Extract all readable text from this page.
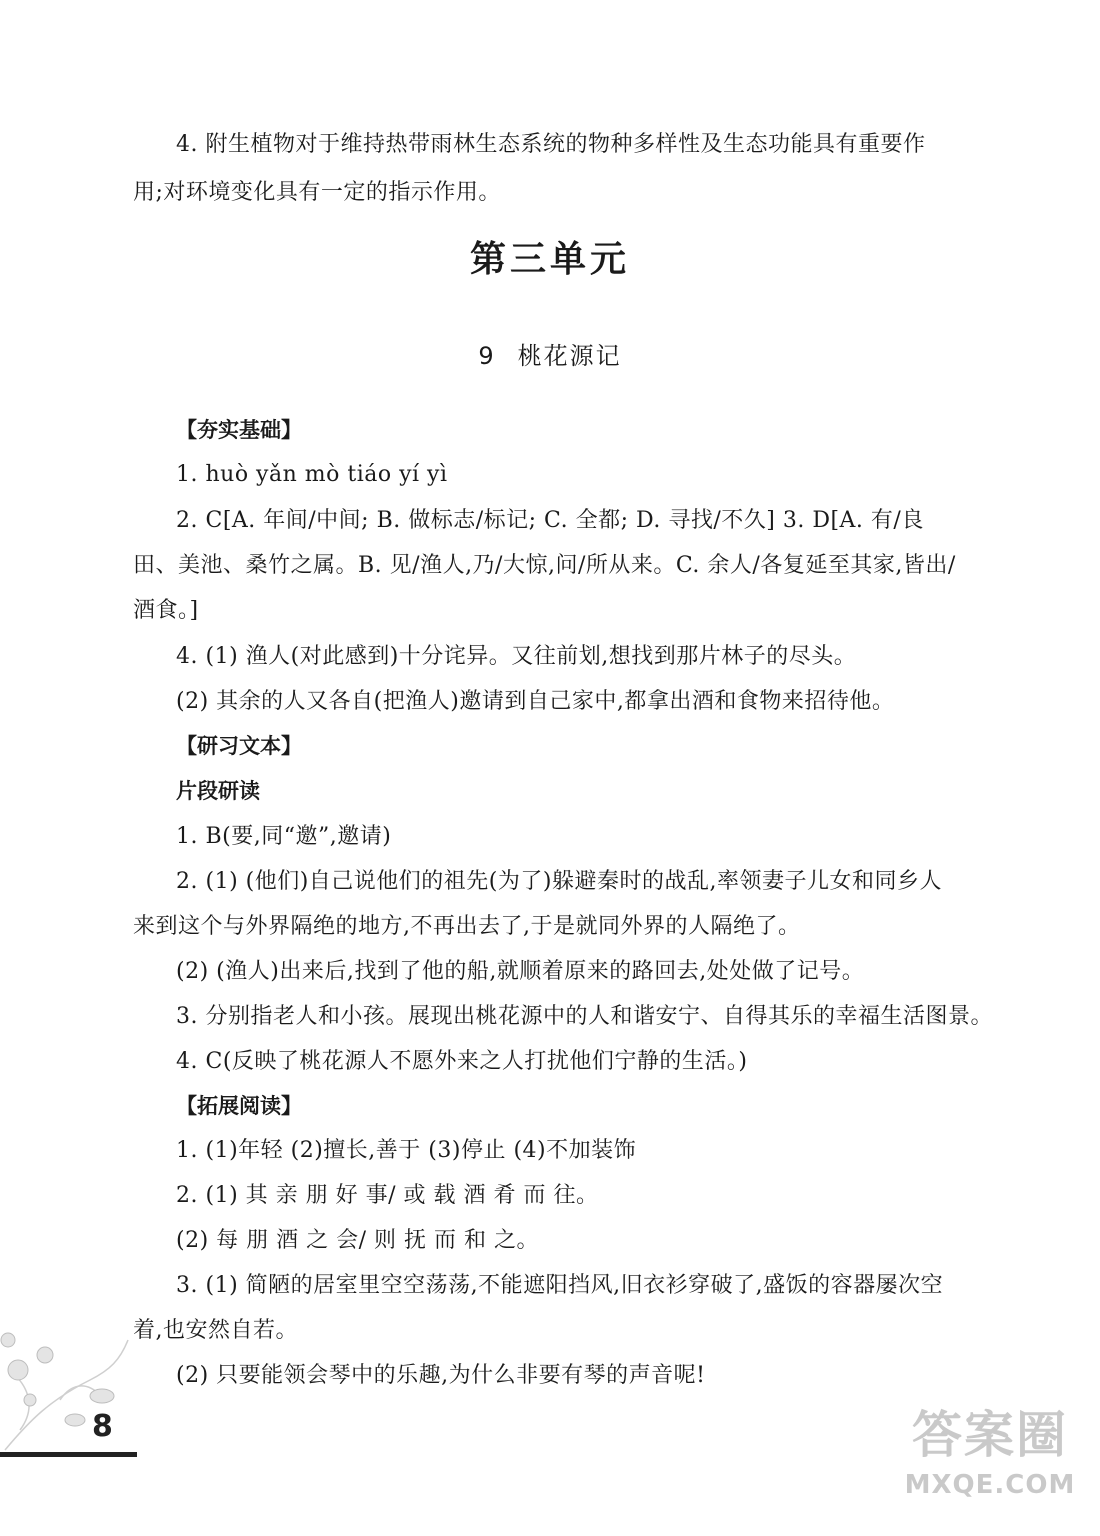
4. 附生植物对于维持热带雨林生态系统的物种多样性及生态功能具有重要作
用;对环境变化具有一定的指示作用。
第三单元
9 桃花源记
【夯实基础】
1. huò yǎn mò tiáo yí yì
2. C[A. 年间/中间; B. 做标志/标记; C. 全都; D. 寻找/不久] 3. D[A. 有/良
田、美池、桑竹之属。B. 见/渔人,乃/大惊,问/所从来。C. 余人/各复延至其家,皆出/
酒食。]
4. (1) 渔人(对此感到)十分诧异。又往前划,想找到那片林子的尽头。
(2) 其余的人又各自(把渔人)邀请到自己家中,都拿出酒和食物来招待他。
【研习文本】
片段研读
1. B(要,同“邀”,邀请)
2. (1) (他们)自己说他们的祖先(为了)躲避秦时的战乱,率领妻子儿女和同乡人
来到这个与外界隔绝的地方,不再出去了,于是就同外界的人隔绝了。
(2) (渔人)出来后,找到了他的船,就顺着原来的路回去,处处做了记号。
3. 分别指老人和小孩。展现出桃花源中的人和谐安宁、自得其乐的幸福生活图景。
4. C(反映了桃花源人不愿外来之人打扰他们宁静的生活。)
【拓展阅读】
1. (1)年轻 (2)擅长,善于 (3)停止 (4)不加装饰
2. (1) 其 亲 朋 好 事/ 或 载 酒 肴 而 往。
(2) 每 朋 酒 之 会/ 则 抚 而 和 之。
3. (1) 简陋的居室里空空荡荡,不能遮阳挡风,旧衣衫穿破了,盛饭的容器屡次空
着,也安然自若。
(2) 只要能领会琴中的乐趣,为什么非要有琴的声音呢!
8	答案圈
MXQE.COM
